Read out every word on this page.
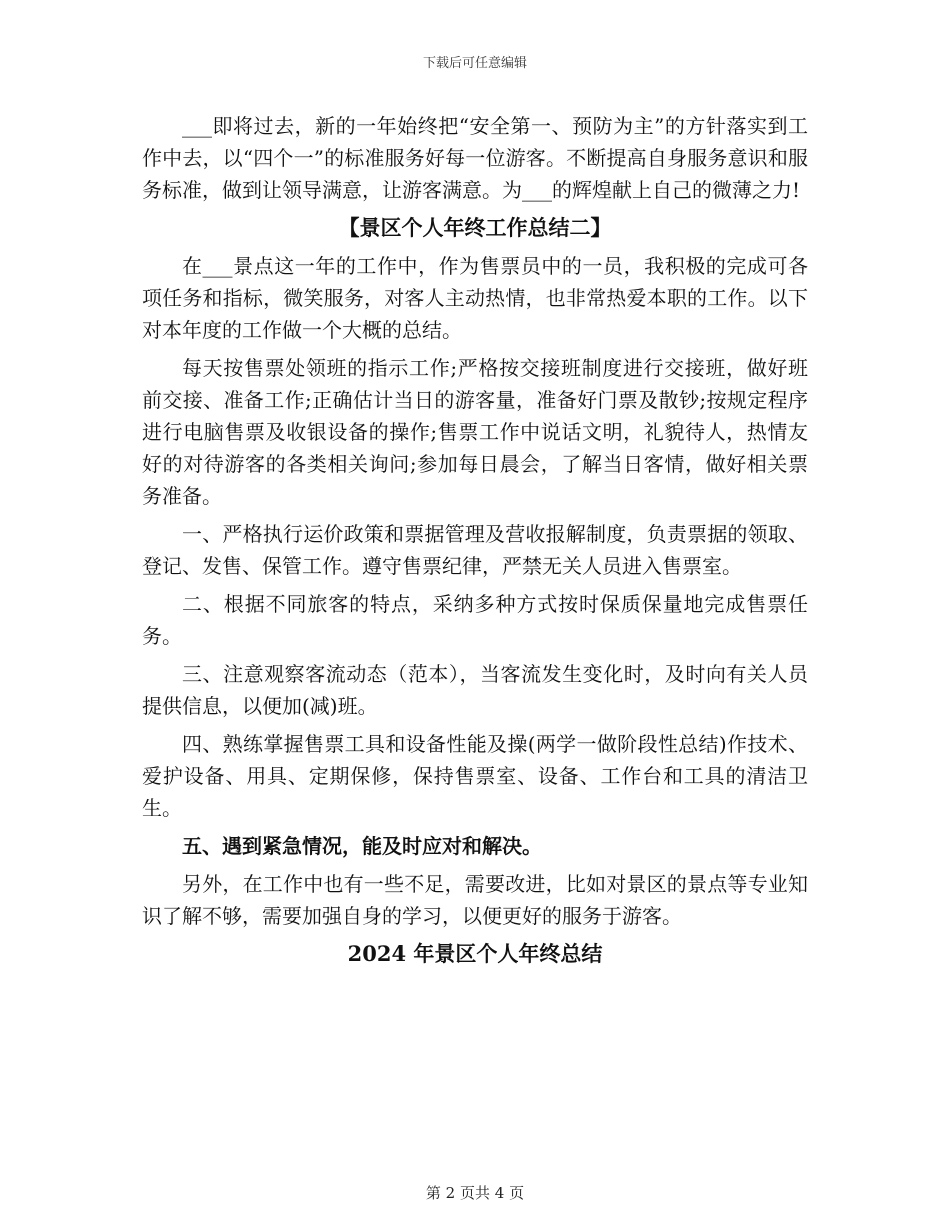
下载后可任意编辑

___即将过去，新的一年始终把“安全第一、预防为主”的方针落实到工作中去，以“四个一”的标准服务好每一位游客。不断提高自身服务意识和服务标准，做到让领导满意，让游客满意。为___的辉煌献上自己的微薄之力!

【景区个人年终工作总结二】

在___景点这一年的工作中，作为售票员中的一员，我积极的完成可各项任务和指标，微笑服务，对客人主动热情，也非常热爱本职的工作。以下对本年度的工作做一个大概的总结。

每天按售票处领班的指示工作;严格按交接班制度进行交接班，做好班前交接、准备工作;正确估计当日的游客量，准备好门票及散钞;按规定程序进行电脑售票及收银设备的操作;售票工作中说话文明，礼貌待人，热情友好的对待游客的各类相关询问;参加每日晨会，了解当日客情，做好相关票务准备。

一、严格执行运价政策和票据管理及营收报解制度，负责票据的领取、登记、发售、保管工作。遵守售票纪律，严禁无关人员进入售票室。

二、根据不同旅客的特点，采纳多种方式按时保质保量地完成售票任务。

三、注意观察客流动态（范本），当客流发生变化时，及时向有关人员提供信息，以便加(减)班。

四、熟练掌握售票工具和设备性能及操(两学一做阶段性总结)作技术、爱护设备、用具、定期保修，保持售票室、设备、工作台和工具的清洁卫生。

五、遇到紧急情况，能及时应对和解决。

另外，在工作中也有一些不足，需要改进，比如对景区的景点等专业知识了解不够，需要加强自身的学习，以便更好的服务于游客。

2024 年景区个人年终总结
第 2 页共 4 页
